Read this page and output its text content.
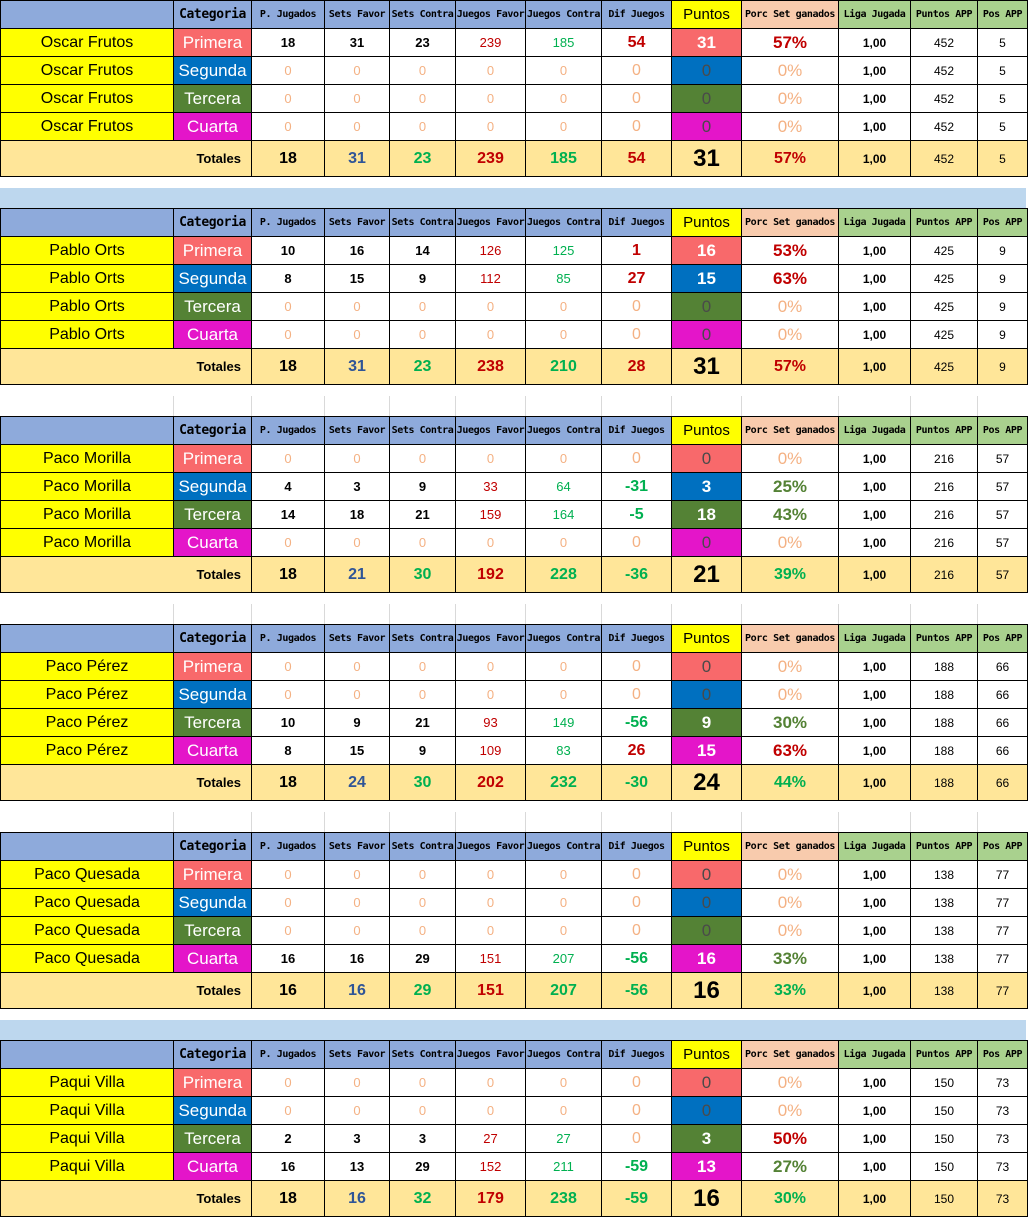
	Categoria	P. Jugados	Sets Favor	Sets Contra	Juegos Favor	Juegos Contra	Dif Juegos	Puntos	Porc Set ganados	Liga Jugada	Puntos APP	Pos APP
Oscar Frutos	Primera	18	31	23	239	185	54	31	57%	1,00	452	5
Oscar Frutos	Segunda	0	0	0	0	0	0	0	0%	1,00	452	5
Oscar Frutos	Tercera	0	0	0	0	0	0	0	0%	1,00	452	5
Oscar Frutos	Cuarta	0	0	0	0	0	0	0	0%	1,00	452	5
Totales		18	31	23	239	185	54	31	57%	1,00	452	5
	Categoria	P. Jugados	Sets Favor	Sets Contra	Juegos Favor	Juegos Contra	Dif Juegos	Puntos	Porc Set ganados	Liga Jugada	Puntos APP	Pos APP
Pablo Orts	Primera	10	16	14	126	125	1	16	53%	1,00	425	9
Pablo Orts	Segunda	8	15	9	112	85	27	15	63%	1,00	425	9
Pablo Orts	Tercera	0	0	0	0	0	0	0	0%	1,00	425	9
Pablo Orts	Cuarta	0	0	0	0	0	0	0	0%	1,00	425	9
Totales		18	31	23	238	210	28	31	57%	1,00	425	9
	Categoria	P. Jugados	Sets Favor	Sets Contra	Juegos Favor	Juegos Contra	Dif Juegos	Puntos	Porc Set ganados	Liga Jugada	Puntos APP	Pos APP
Paco Morilla	Primera	0	0	0	0	0	0	0	0%	1,00	216	57
Paco Morilla	Segunda	4	3	9	33	64	-31	3	25%	1,00	216	57
Paco Morilla	Tercera	14	18	21	159	164	-5	18	43%	1,00	216	57
Paco Morilla	Cuarta	0	0	0	0	0	0	0	0%	1,00	216	57
Totales		18	21	30	192	228	-36	21	39%	1,00	216	57
	Categoria	P. Jugados	Sets Favor	Sets Contra	Juegos Favor	Juegos Contra	Dif Juegos	Puntos	Porc Set ganados	Liga Jugada	Puntos APP	Pos APP
Paco Pérez	Primera	0	0	0	0	0	0	0	0%	1,00	188	66
Paco Pérez	Segunda	0	0	0	0	0	0	0	0%	1,00	188	66
Paco Pérez	Tercera	10	9	21	93	149	-56	9	30%	1,00	188	66
Paco Pérez	Cuarta	8	15	9	109	83	26	15	63%	1,00	188	66
Totales		18	24	30	202	232	-30	24	44%	1,00	188	66
	Categoria	P. Jugados	Sets Favor	Sets Contra	Juegos Favor	Juegos Contra	Dif Juegos	Puntos	Porc Set ganados	Liga Jugada	Puntos APP	Pos APP
Paco Quesada	Primera	0	0	0	0	0	0	0	0%	1,00	138	77
Paco Quesada	Segunda	0	0	0	0	0	0	0	0%	1,00	138	77
Paco Quesada	Tercera	0	0	0	0	0	0	0	0%	1,00	138	77
Paco Quesada	Cuarta	16	16	29	151	207	-56	16	33%	1,00	138	77
Totales		16	16	29	151	207	-56	16	33%	1,00	138	77
	Categoria	P. Jugados	Sets Favor	Sets Contra	Juegos Favor	Juegos Contra	Dif Juegos	Puntos	Porc Set ganados	Liga Jugada	Puntos APP	Pos APP
Paqui Villa	Primera	0	0	0	0	0	0	0	0%	1,00	150	73
Paqui Villa	Segunda	0	0	0	0	0	0	0	0%	1,00	150	73
Paqui Villa	Tercera	2	3	3	27	27	0	3	50%	1,00	150	73
Paqui Villa	Cuarta	16	13	29	152	211	-59	13	27%	1,00	150	73
Totales		18	16	32	179	238	-59	16	30%	1,00	150	73
